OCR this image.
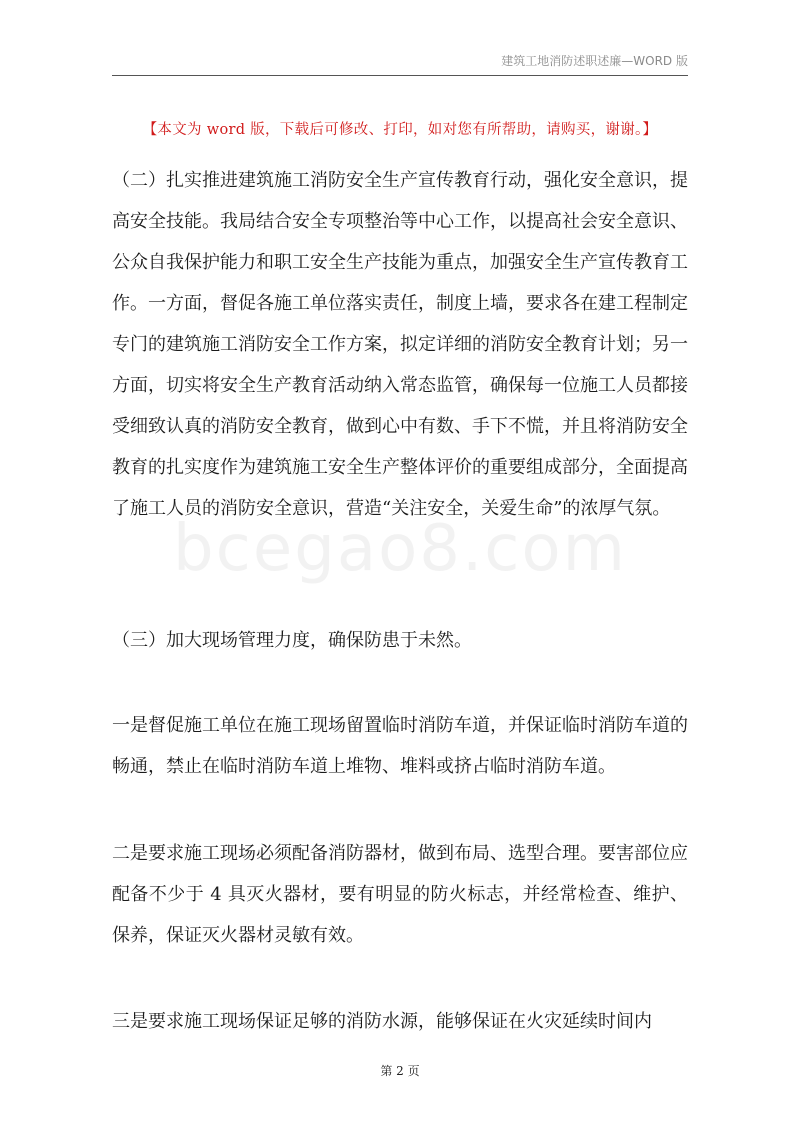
建筑工地消防述职述廉—WORD 版
【本文为 word 版，下载后可修改、打印，如对您有所帮助，请购买，谢谢。】

（二）扎实推进建筑施工消防安全生产宣传教育行动，强化安全意识，提高安全技能。我局结合安全专项整治等中心工作，以提高社会安全意识、公众自我保护能力和职工安全生产技能为重点，加强安全生产宣传教育工作。一方面，督促各施工单位落实责任，制度上墙，要求各在建工程制定专门的建筑施工消防安全工作方案，拟定详细的消防安全教育计划；另一方面，切实将安全生产教育活动纳入常态监管，确保每一位施工人员都接受细致认真的消防安全教育，做到心中有数、手下不慌，并且将消防安全教育的扎实度作为建筑施工安全生产整体评价的重要组成部分，全面提高了施工人员的消防安全意识，营造“关注安全，关爱生命”的浓厚气氛。

（三）加大现场管理力度，确保防患于未然。

一是督促施工单位在施工现场留置临时消防车道，并保证临时消防车道的畅通，禁止在临时消防车道上堆物、堆料或挤占临时消防车道。

二是要求施工现场必须配备消防器材，做到布局、选型合理。要害部位应配备不少于 4 具灭火器材，要有明显的防火标志，并经常检查、维护、保养，保证灭火器材灵敏有效。

三是要求施工现场保证足够的消防水源，能够保证在火灾延续时间内

bcegao8.com
第 2 页
